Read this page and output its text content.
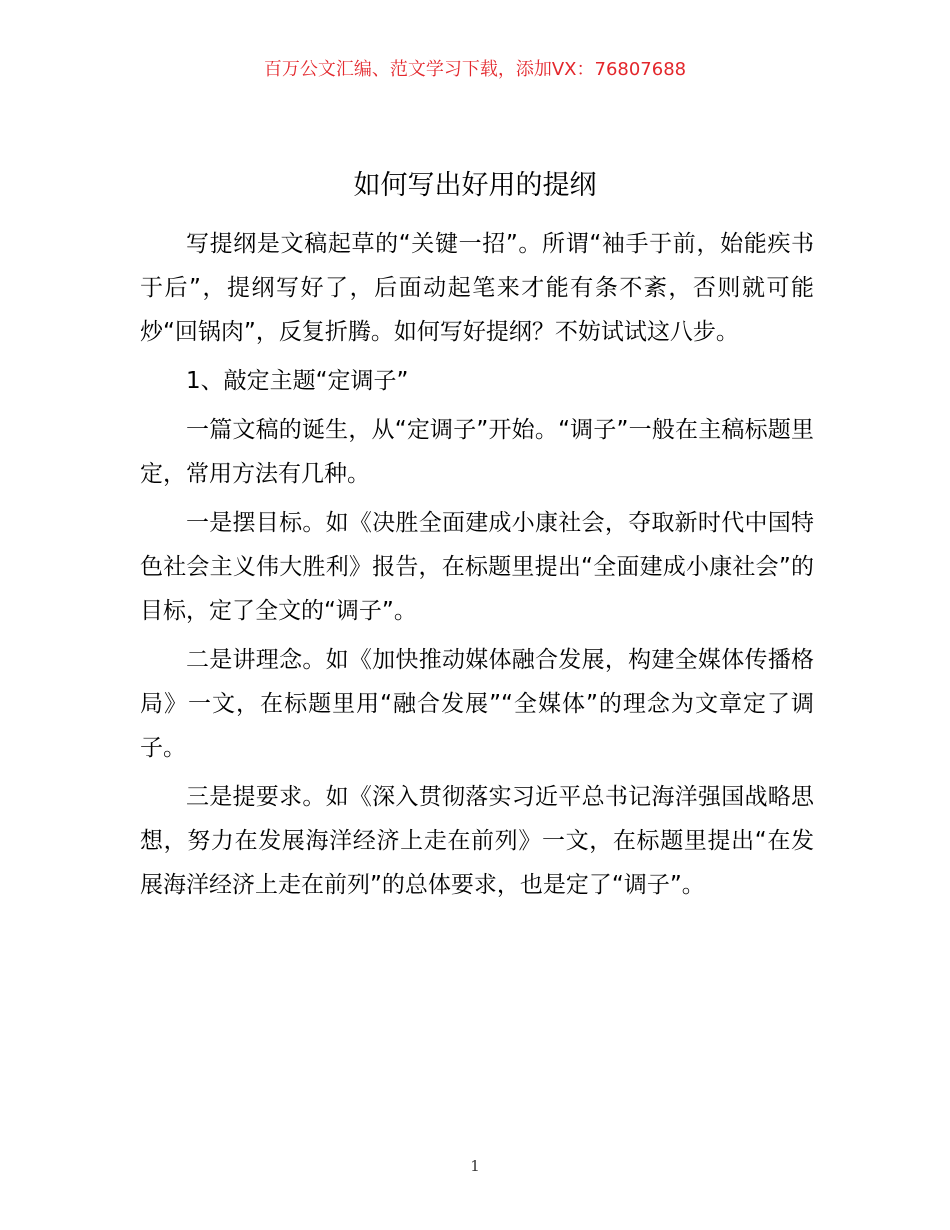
百万公文汇编、范文学习下载，添加VX：76807688
如何写出好用的提纲

写提纲是文稿起草的“关键一招”。所谓“袖手于前，始能疾书于后”，提纲写好了，后面动起笔来才能有条不紊，否则就可能炒“回锅肉”，反复折腾。如何写好提纲？不妨试试这八步。

1、敲定主题“定调子”

一篇文稿的诞生，从“定调子”开始。“调子”一般在主稿标题里定，常用方法有几种。

一是摆目标。如《决胜全面建成小康社会，夺取新时代中国特色社会主义伟大胜利》报告，在标题里提出“全面建成小康社会”的目标，定了全文的“调子”。

二是讲理念。如《加快推动媒体融合发展，构建全媒体传播格局》一文，在标题里用“融合发展”“全媒体”的理念为文章定了调子。

三是提要求。如《深入贯彻落实习近平总书记海洋强国战略思想，努力在发展海洋经济上走在前列》一文，在标题里提出“在发展海洋经济上走在前列”的总体要求，也是定了“调子”。

1
